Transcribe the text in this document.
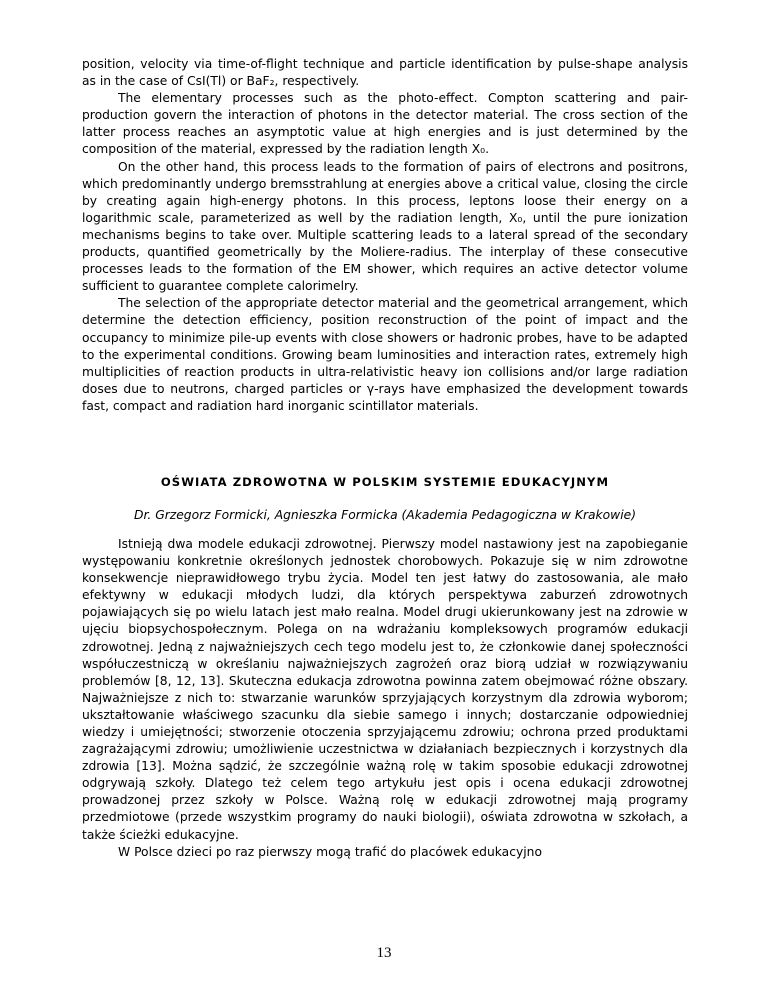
position, velocity via time-of-flight technique and particle identification by pulse-shape analysis as in the case of CsI(Tl) or BaF₂, respectively.

The elementary processes such as the photo-effect. Compton scattering and pair-production govern the interaction of photons in the detector material. The cross section of the latter process reaches an asymptotic value at high energies and is just determined by the composition of the material, expressed by the radiation length X₀.

On the other hand, this process leads to the formation of pairs of electrons and positrons, which predominantly undergo bremsstrahlung at energies above a critical value, closing the circle by creating again high-energy photons. In this process, leptons loose their energy on a logarithmic scale, parameterized as well by the radiation length, X₀, until the pure ionization mechanisms begins to take over. Multiple scattering leads to a lateral spread of the secondary products, quantified geometrically by the Moliere-radius. The interplay of these consecutive processes leads to the formation of the EM shower, which requires an active detector volume sufficient to guarantee complete calorimelry.

The selection of the appropriate detector material and the geometrical arrangement, which determine the detection efficiency, position reconstruction of the point of impact and the occupancy to minimize pile-up events with close showers or hadronic probes, have to be adapted to the experimental conditions. Growing beam luminosities and interaction rates, extremely high multiplicities of reaction products in ultra-relativistic heavy ion collisions and/or large radiation doses due to neutrons, charged particles or γ-rays have emphasized the development towards fast, compact and radiation hard inorganic scintillator materials.

OŚWIATA ZDROWOTNA W POLSKIM SYSTEMIE EDUKACYJNYM

Dr. Grzegorz Formicki, Agnieszka Formicka (Akademia Pedagogiczna w Krakowie)

Istnieją dwa modele edukacji zdrowotnej. Pierwszy model nastawiony jest na zapobieganie występowaniu konkretnie określonych jednostek chorobowych. Pokazuje się w nim zdrowotne konsekwencje nieprawidłowego trybu życia. Model ten jest łatwy do zastosowania, ale mało efektywny w edukacji młodych ludzi, dla których perspektywa zaburzeń zdrowotnych pojawiających się po wielu latach jest mało realna. Model drugi ukierunkowany jest na zdrowie w ujęciu biopsychospołecznym. Polega on na wdrażaniu kompleksowych programów edukacji zdrowotnej. Jedną z najważniejszych cech tego modelu jest to, że członkowie danej społeczności współuczestniczą w określaniu najważniejszych zagrożeń oraz biorą udział w rozwiązywaniu problemów [8, 12, 13]. Skuteczna edukacja zdrowotna powinna zatem obejmować różne obszary. Najważniejsze z nich to: stwarzanie warunków sprzyjających korzystnym dla zdrowia wyborom; ukształtowanie właściwego szacunku dla siebie samego i innych; dostarczanie odpowiedniej wiedzy i umiejętności; stworzenie otoczenia sprzyjającemu zdrowiu; ochrona przed produktami zagrażającymi zdrowiu; umożliwienie uczestnictwa w działaniach bezpiecznych i korzystnych dla zdrowia [13]. Można sądzić, że szczególnie ważną rolę w takim sposobie edukacji zdrowotnej odgrywają szkoły. Dlatego też celem tego artykułu jest opis i ocena edukacji zdrowotnej prowadzonej przez szkoły w Polsce. Ważną rolę w edukacji zdrowotnej mają programy przedmiotowe (przede wszystkim programy do nauki biologii), oświata zdrowotna w szkołach, a także ścieżki edukacyjne.

W Polsce dzieci po raz pierwszy mogą trafić do placówek edukacyjno

13
